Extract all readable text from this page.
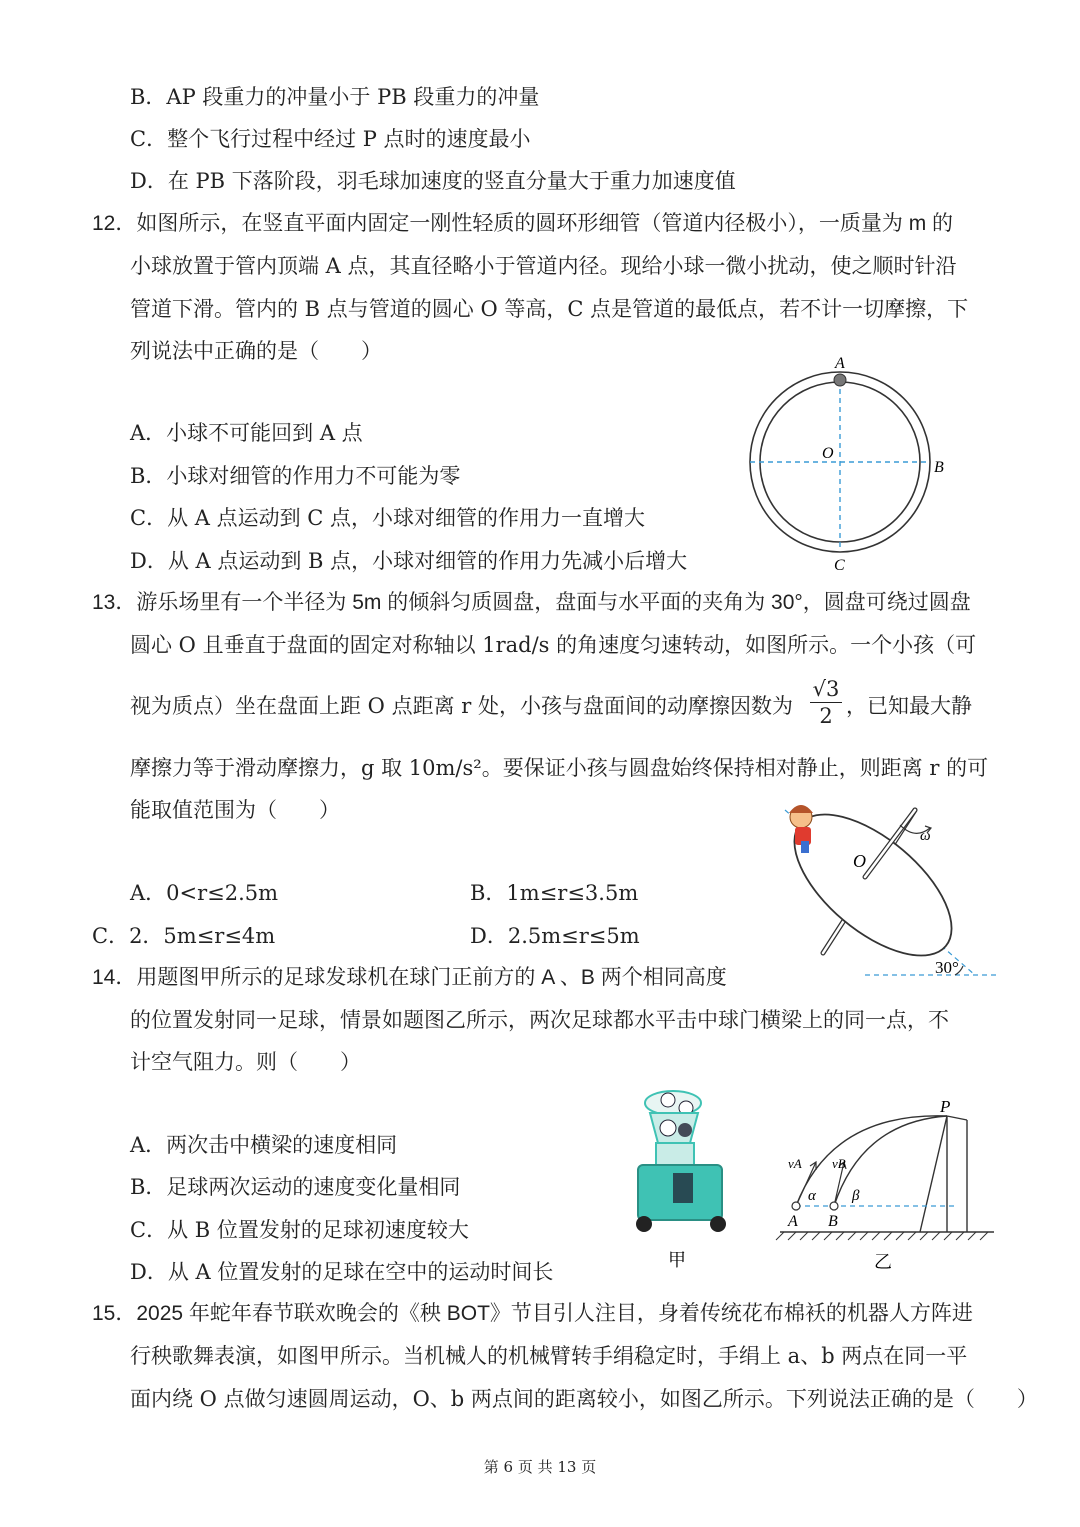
B．AP 段重力的冲量小于 PB 段重力的冲量
C．整个飞行过程中经过 P 点时的速度最小
D．在 PB 下落阶段，羽毛球加速度的竖直分量大于重力加速度值
12．如图所示，在竖直平面内固定一刚性轻质的圆环形细管（管道内径极小），一质量为 m 的
小球放置于管内顶端 A 点，其直径略小于管道内径。现给小球一微小扰动，使之顺时针沿
管道下滑。管内的 B 点与管道的圆心 O 等高，C 点是管道的最低点，若不计一切摩擦，下
列说法中正确的是（　　）
A．小球不可能回到 A 点
B．小球对细管的作用力不可能为零
C．从 A 点运动到 C 点，小球对细管的作用力一直增大
D．从 A 点运动到 B 点，小球对细管的作用力先减小后增大
A
O
B
C
13．游乐场里有一个半径为 5m 的倾斜匀质圆盘，盘面与水平面的夹角为 30°，圆盘可绕过圆盘
圆心 O 且垂直于盘面的固定对称轴以 1rad/s 的角速度匀速转动，如图所示。一个小孩（可
视为质点）坐在盘面上距 O 点距离 r 处，小孩与盘面间的动摩擦因数为 $\frac{√3}{2}$ ，已知最大静
摩擦力等于滑动摩擦力，g 取 10m/s²。要保证小孩与圆盘始终保持相对静止，则距离 r 的可
能取值范围为（　　）
A．0<r≤2.5m	B．1m≤r≤3.5m
C．2．5m≤r≤4m	D．2.5m≤r≤5m
ω
O
30°
14．用题图甲所示的足球发球机在球门正前方的 A 、B 两个相同高度
的位置发射同一足球，情景如题图乙所示，两次足球都水平击中球门横梁上的同一点，不
计空气阻力。则（　　）
A．两次击中横梁的速度相同
B．足球两次运动的速度变化量相同
C．从 B 位置发射的足球初速度较大
D．从 A 位置发射的足球在空中的运动时间长	甲
P
A B
vA vB
α β
乙
15．2025 年蛇年春节联欢晚会的《秧 BOT》节目引人注目，身着传统花布棉袄的机器人方阵进
行秧歌舞表演，如图甲所示。当机械人的机械臂转手绢稳定时，手绢上 a、b 两点在同一平
面内绕 O 点做匀速圆周运动，O、b 两点间的距离较小，如图乙所示。下列说法正确的是（　　）
第 6 页 共 13 页
